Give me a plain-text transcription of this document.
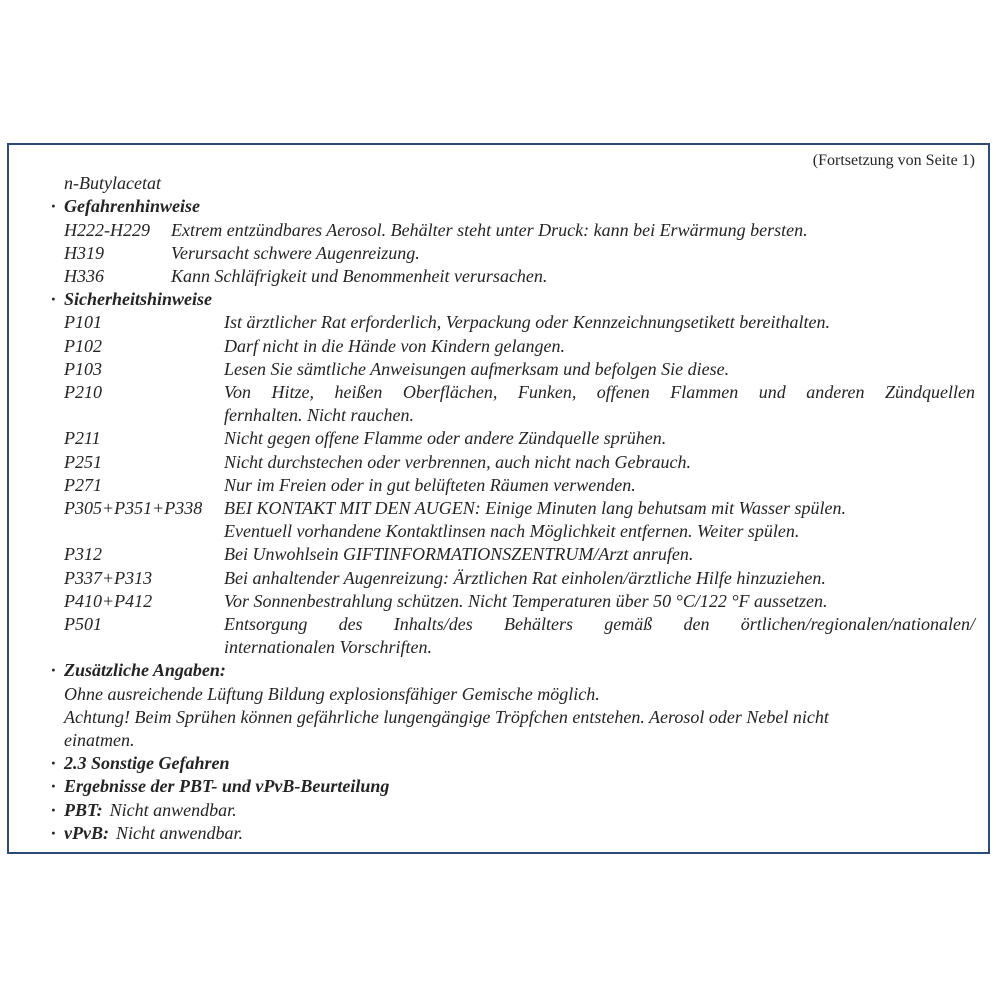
(Fortsetzung von Seite 1)
n-Butylacetat
· Gefahrenhinweise
H222-H229	Extrem entzündbares Aerosol. Behälter steht unter Druck: kann bei Erwärmung bersten.
H319	Verursacht schwere Augenreizung.
H336	Kann Schläfrigkeit und Benommenheit verursachen.
· Sicherheitshinweise
P101	Ist ärztlicher Rat erforderlich, Verpackung oder Kennzeichnungsetikett bereithalten.
P102	Darf nicht in die Hände von Kindern gelangen.
P103	Lesen Sie sämtliche Anweisungen aufmerksam und befolgen Sie diese.
P210	Von Hitze, heißen Oberflächen, Funken, offenen Flammen und anderen Zündquellen
fernhalten. Nicht rauchen.
P211	Nicht gegen offene Flamme oder andere Zündquelle sprühen.
P251	Nicht durchstechen oder verbrennen, auch nicht nach Gebrauch.
P271	Nur im Freien oder in gut belüfteten Räumen verwenden.
P305+P351+P338	BEI KONTAKT MIT DEN AUGEN: Einige Minuten lang behutsam mit Wasser spülen.
Eventuell vorhandene Kontaktlinsen nach Möglichkeit entfernen. Weiter spülen.
P312	Bei Unwohlsein GIFTINFORMATIONSZENTRUM/Arzt anrufen.
P337+P313	Bei anhaltender Augenreizung: Ärztlichen Rat einholen/ärztliche Hilfe hinzuziehen.
P410+P412	Vor Sonnenbestrahlung schützen. Nicht Temperaturen über 50 °C/122 °F aussetzen.
P501	Entsorgung des Inhalts/des Behälters gemäß den örtlichen/regionalen/nationalen/
internationalen Vorschriften.
· Zusätzliche Angaben:
Ohne ausreichende Lüftung Bildung explosionsfähiger Gemische möglich.
Achtung! Beim Sprühen können gefährliche lungengängige Tröpfchen entstehen. Aerosol oder Nebel nicht
einatmen.
· 2.3 Sonstige Gefahren
· Ergebnisse der PBT- und vPvB-Beurteilung
· PBT: Nicht anwendbar.
· vPvB: Nicht anwendbar.
